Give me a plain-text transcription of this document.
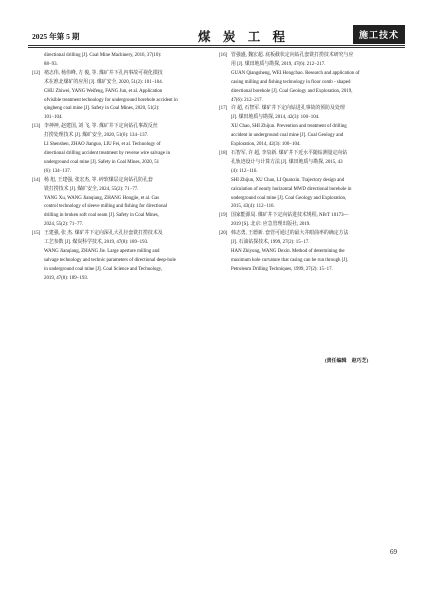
2025 年第 5 期	煤 炭 工 程	施工技术
directional drilling [J]. Coal Mine Machinery, 2016, 37(10):
88−93.
[12] 褚志伟, 杨伟峰, 方 俊, 等. 煤矿井下孔内事故可视化摸技
术在淮北煤矿的应用 [J]. 煤矿安全, 2020, 51(2): 101−104.
CHU Zhiwei, YANG Weifeng, FANG Jun, et al. Application
ofvisible treatment technology for underground borehole accident in
qingbeng coal mine [J]. Safety in Coal Mines, 2020, 51(2):
101−104.
[13] 李神神, 赵建国, 刘 飞, 等. 煤矿井下定向钻孔事故反丝
打捞处理技术 [J]. 煤矿安全, 2020, 51(6): 134−137.
LI Shenshen, ZHAO Jianguo, LIU Fei, et al. Technology of
directional drilling accident treatment by reverse wire salvage in
underground coal mine [J]. Safety in Coal Mines, 2020, 51
(6): 134−137.
[14] 杨 旭, 王建强, 张宏杰, 等. 碎软煤层定向钻孔防孔套
铣打捞技术 [J]. 煤矿安全, 2024, 55(2): 71−77.
YANG Xu, WANG Jianqiang, ZHANG Hongjie, et al. Gas
control technology of sleeve milling and fishing for directional
drilling in broken soft coal seam [J]. Safety in Coal Mines,
2024, 55(2): 71−77.
[15] 王建强, 张 杰. 煤矿井下定向深孔大孔径套铣打捞技术及
工艺参数 [J]. 煤炭科学技术, 2019, 47(8): 189−193.
WANG Jianqiang, ZHANG Jie. Large aperture milling and
salvage technology and technic parameters of directional deep-hole
in underground coal mine [J]. Coal Science and Technology,
2019, 47(8): 189−193.
[16] 管强盛, 魏宏超. 底板截状定向钻孔套铣打捞技术研究与应
用 [J]. 煤田地质与勘探, 2019, 47(6): 212−217.
GUAN Qiangsheng, WEI Hongchao. Research and application of
casing milling and fishing technology in floor comb - shaped
directional borehole [J]. Coal Geology and Exploration, 2019,
47(6): 212−217.
[17] 许 超, 石智军. 煤矿井下定向钻进孔事故的预防及处理
[J]. 煤田地质与勘探, 2014, 42(3): 100−104.
XU Chao, SHI Zhijun. Prevention and treatment of drilling
accident in underground coal mine [J]. Coal Geology and
Exploration, 2014, 42(3): 100−104.
[18] 石智军, 许 超, 李泉新. 煤矿井下近水平随钻测量定向钻
孔轨迹设计与计算方法 [J]. 煤田地质与勘探, 2015, 43
(4): 112−116.
SHI Zhijun, XU Chao, LI Quanxin. Trajectory design and
calculation of nearly horizontal MWD directional borehole in
underground coal mine [J]. Coal Geology and Exploration,
2015, 43(4): 112−116.
[19] 国家能源局. 煤矿井下定向钻进技术规程, NB/T 10173—
2019 [S]. 北京: 应急管理出版社, 2019.
[20] 韩志勇, 王德新. 套管可通过的最大井眼曲率的确定方法
[J]. 石油钻探技术, 1999, 27(2): 15−17.
HAN Zhiyong, WANG Dexin. Method of determining the
maximum hole curvature that casing can be run through [J].
Petroleum Drilling Techniques, 1999, 27(2): 15−17.
(责任编辑　赵巧芝)
69
